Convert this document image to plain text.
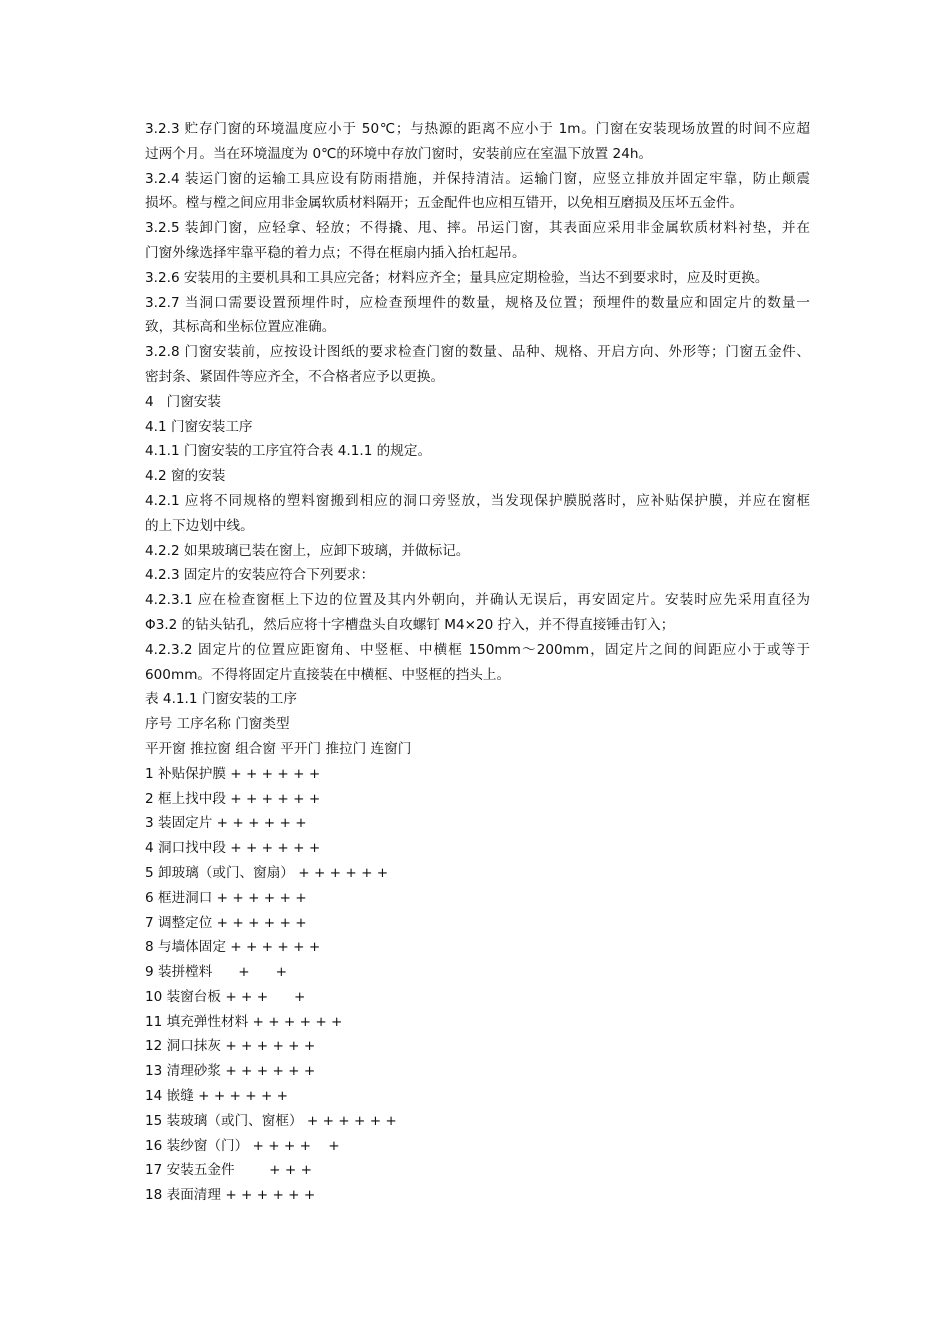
3.2.3 贮存门窗的环境温度应小于 50℃；与热源的距离不应小于 1m。门窗在安装现场放置的时间不应超
过两个月。当在环境温度为 0℃的环境中存放门窗时，安装前应在室温下放置 24h。
3.2.4 装运门窗的运输工具应设有防雨措施，并保持清洁。运输门窗，应竖立排放并固定牢靠，防止颠震
损坏。樘与樘之间应用非金属软质材料隔开；五金配件也应相互错开，以免相互磨损及压坏五金件。
3.2.5 装卸门窗，应轻拿、轻放；不得撬、甩、摔。吊运门窗，其表面应采用非金属软质材料衬垫，并在
门窗外缘选择牢靠平稳的着力点；不得在框扇内插入抬杠起吊。
3.2.6 安装用的主要机具和工具应完备；材料应齐全；量具应定期检验，当达不到要求时，应及时更换。
3.2.7 当洞口需要设置预埋件时，应检查预埋件的数量，规格及位置；预埋件的数量应和固定片的数量一
致，其标高和坐标位置应准确。
3.2.8 门窗安装前，应按设计图纸的要求检查门窗的数量、品种、规格、开启方向、外形等；门窗五金件、
密封条、紧固件等应齐全，不合格者应予以更换。
4   门窗安装
4.1 门窗安装工序
4.1.1 门窗安装的工序宜符合表 4.1.1 的规定。
4.2 窗的安装
4.2.1 应将不同规格的塑料窗搬到相应的洞口旁竖放，当发现保护膜脱落时，应补贴保护膜，并应在窗框
的上下边划中线。
4.2.2 如果玻璃已装在窗上，应卸下玻璃，并做标记。
4.2.3 固定片的安装应符合下列要求：
4.2.3.1 应在检查窗框上下边的位置及其内外朝向，并确认无误后，再安固定片。安装时应先采用直径为
Φ3.2 的钻头钻孔，然后应将十字槽盘头自攻螺钉 M4×20 拧入，并不得直接锤击钉入；
4.2.3.2 固定片的位置应距窗角、中竖框、中横框 150mm～200mm，固定片之间的间距应小于或等于
600mm。不得将固定片直接装在中横框、中竖框的挡头上。
表 4.1.1 门窗安装的工序
序号 工序名称 门窗类型
平开窗 推拉窗 组合窗 平开门 推拉门 连窗门
1 补贴保护膜 + + + + + +
2 框上找中段 + + + + + +
3 装固定片 + + + + + +
4 洞口找中段 + + + + + +
5 卸玻璃（或门、窗扇） + + + + + +
6 框进洞口 + + + + + +
7 调整定位 + + + + + +
8 与墙体固定 + + + + + +
9 装拼樘料      +      +
10 装窗台板 + + +      +
11 填充弹性材料 + + + + + +
12 洞口抹灰 + + + + + +
13 清理砂浆 + + + + + +
14 嵌缝 + + + + + +
15 装玻璃（或门、窗框） + + + + + +
16 装纱窗（门） + + + +    +
17 安装五金件        + + +
18 表面清理 + + + + + +
